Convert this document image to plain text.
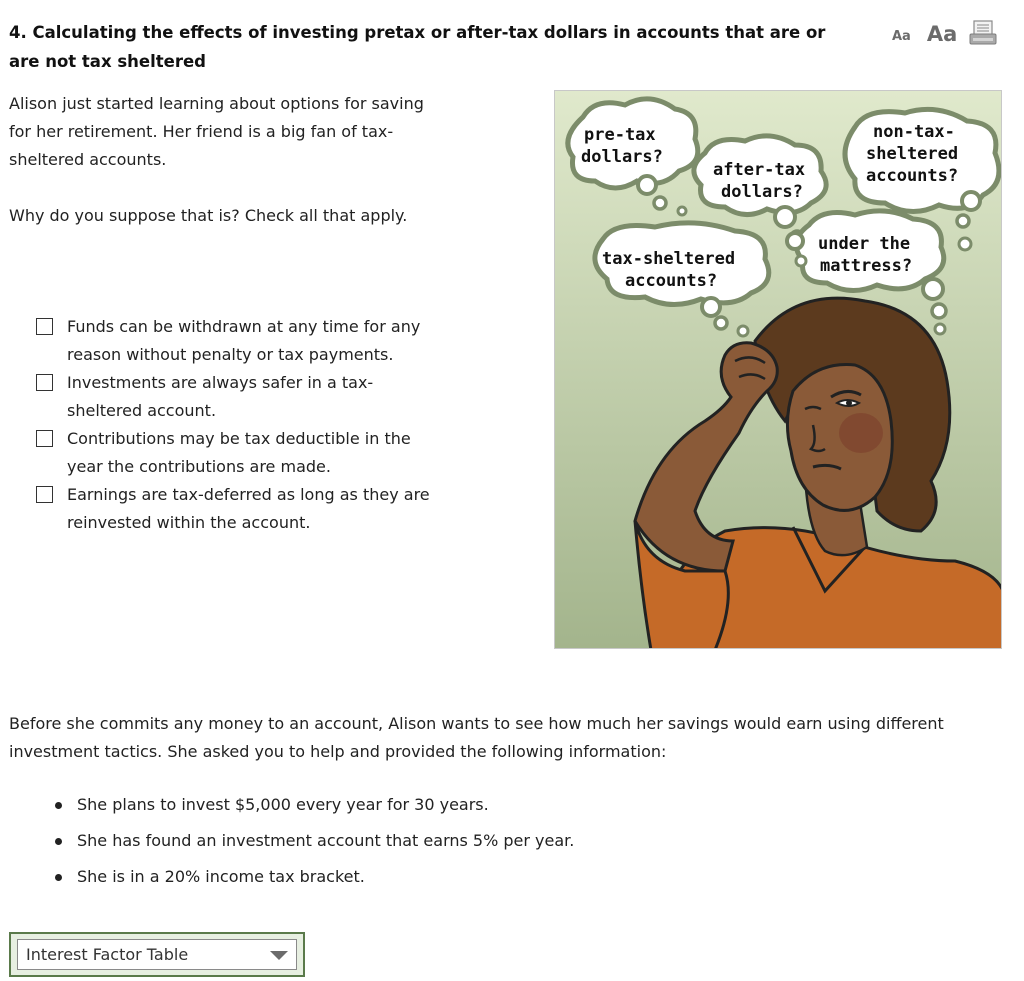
4. Calculating the effects of investing pretax or after-tax dollars in accounts that are or are not tax sheltered
Aa Aa

Alison just started learning about options for saving for her retirement. Her friend is a big fan of tax-sheltered accounts.

Why do you suppose that is? Check all that apply.

Funds can be withdrawn at any time for any reason without penalty or tax payments.
Investments are always safer in a tax-sheltered account.
Contributions may be tax deductible in the year the contributions are made.
Earnings are tax-deferred as long as they are reinvested within the account.
pre-tax
dollars?
after-tax
dollars?
non-tax-
sheltered
accounts?
tax-sheltered
accounts?
under the
mattress?

Before she commits any money to an account, Alison wants to see how much her savings would earn using different investment tactics. She asked you to help and provided the following information:

She plans to invest $5,000 every year for 30 years.
She has found an investment account that earns 5% per year.
She is in a 20% income tax bracket.
Interest Factor Table
